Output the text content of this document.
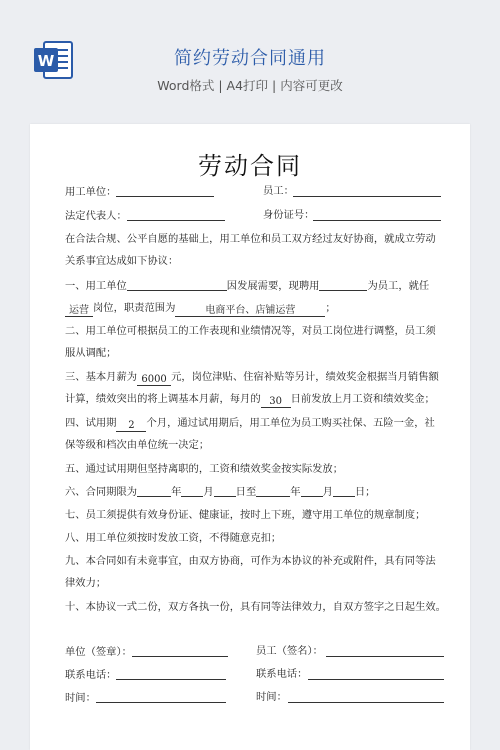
W	简约劳动合同通用
Word格式 | A4打印 | 内容可更改
劳动合同
用工单位：	员工：
法定代表人：	身份证号：
在合法合规、公平自愿的基础上，用工单位和员工双方经过友好协商，就成立劳动
关系事宜达成如下协议：
一、用工单位	因发展需要，现聘用	为员工，就任
运营 岗位，职责范围为	电商平台、店铺运营	；
二、用工单位可根据员工的工作表现和业绩情况等，对员工岗位进行调整，员工须
服从调配；
三、基本月薪为 6000 元，岗位津贴、住宿补贴等另计，绩效奖金根据当月销售额
计算，绩效突出的将上调基本月薪，每月的 30 日前发放上月工资和绩效奖金；
四、试用期 2 个月，通过试用期后，用工单位为员工购买社保、五险一金，社
保等级和档次由单位统一决定；
五、通过试用期但坚持离职的，工资和绩效奖金按实际发放；
六、合同期限为	年 月 日至	年 月 日；
七、员工须提供有效身份证、健康证，按时上下班，遵守用工单位的规章制度；
八、用工单位须按时发放工资，不得随意克扣；
九、本合同如有未竟事宜，由双方协商，可作为本协议的补充或附件，具有同等法
律效力；
十、本协议一式二份，双方各执一份，具有同等法律效力，自双方签字之日起生效。
单位（签章）：	员工（签名）：
联系电话：	联系电话：
时间：	时间：
